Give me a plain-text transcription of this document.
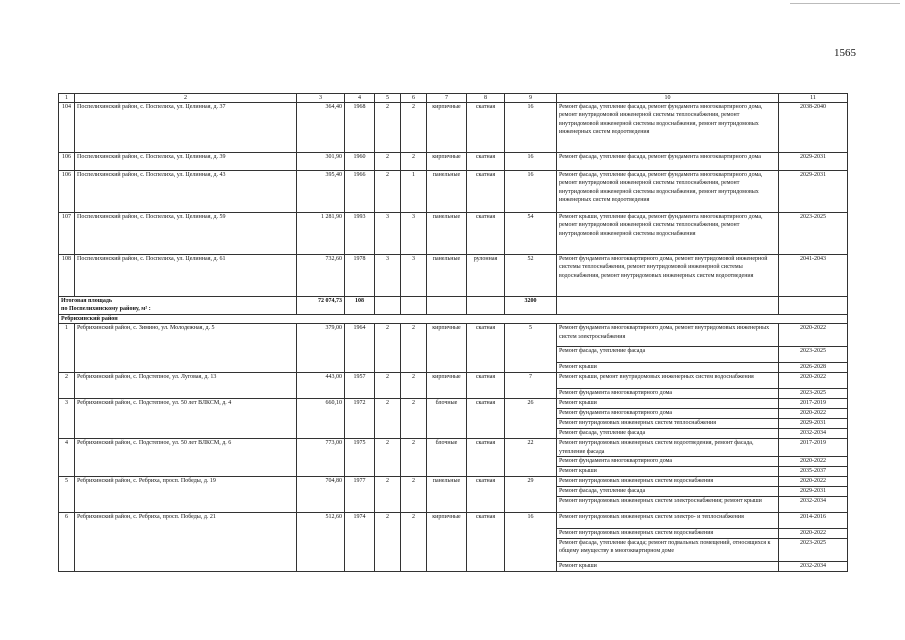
1565
1	2	3	4	5	6	7	8	9	10	11
104	Поспелихинский район, с. Поспелиха, ул. Целинная, д. 37	364,40	1968	2	2	кирпичные	скатная	16	Ремонт фасада, утепление фасада, ремонт фундамента многоквартирного дома, ремонт внутридомовой инженерной системы теплоснабжения, ремонт внутридомовой инженерной системы водоснабжения, ремонт внутридомовых инженерных систем водоотведения	2038-2040
106	Поспелихинский район, с. Поспелиха, ул. Целинная, д. 39	301,90	1960	2	2	кирпичные	скатная	16	Ремонт фасада, утепление фасада, ремонт фундамента многоквартирного дома	2029-2031
106	Поспелихинский район, с. Поспелиха, ул. Целинная, д. 43	395,40	1966	2	1	панельные	скатная	16	Ремонт фасада, утепление фасада, ремонт фундамента многоквартирного дома, ремонт внутридомовой инженерной системы теплоснабжения, ремонт внутридомовой инженерной системы водоснабжения, ремонт внутридомовых инженерных систем водоотведения	2029-2031
107	Поспелихинский район, с. Поспелиха, ул. Целинная, д. 59	1 281,90	1993	3	3	панельные	скатная	54	Ремонт крыши, утепление фасада, ремонт фундамента многоквартирного дома, ремонт внутридомовой инженерной системы теплоснабжения, ремонт внутридомовой инженерной системы водоснабжения	2023-2025
108	Поспелихинский район, с. Поспелиха, ул. Целинная, д. 61	732,60	1978	3	3	панельные	рулонная	52	Ремонт фундамента многоквартирного дома, ремонт внутридомовой инженерной системы теплоснабжения, ремонт внутридомовой инженерной системы водоснабжения, ремонт внутридомовых инженерных систем водоотведения	2041-2043

Итоговая площадь
по Поспелихинскому району, м² :		72 074,73	108					3200		
Ребрихинский район										
1	Ребрихинский район, с. Зимино, ул. Молодежная, д. 5	379,00	1964	2	2	кирпичные	скатная	5	Ремонт фундамента многоквартирного дома, ремонт внутридомовых инженерных систем электроснабжения	2020-2022
									Ремонт фасада, утепление фасада	2023-2025
									Ремонт крыши	2026-2028
2	Ребрихинский район, с. Подстепное, ул. Луговая, д. 13	443,00	1957	2	2	кирпичные	скатная	7	Ремонт крыши, ремонт внутридомовых инженерных систем водоснабжения	2020-2022
									Ремонт фундамента многоквартирного дома	2023-2025
3	Ребрихинский район, с. Подстепное, ул. 50 лет ВЛКСМ, д. 4	660,10	1972	2	2	блочные	скатная	26	Ремонт крыши	2017-2019
									Ремонт фундамента многоквартирного дома	2020-2022
									Ремонт внутридомовых инженерных систем теплоснабжения	2029-2031
									Ремонт фасада, утепление фасада	2032-2034
4	Ребрихинский район, с. Подстепное, ул. 50 лет ВЛКСМ, д. 6	773,00	1975	2	2	блочные	скатная	22	Ремонт внутридомовых инженерных систем водоотведения, ремонт фасада, утепление фасада	2017-2019
									Ремонт фундамента многоквартирного дома	2020-2022
									Ремонт крыши	2035-2037
5	Ребрихинский район, с. Ребриха, просп. Победы, д. 19	704,80	1977	2	2	панельные	скатная	29	Ремонт внутридомовых инженерных систем водоснабжения	2020-2022
									Ремонт фасада, утепление фасада	2029-2031
									Ремонт внутридомовых инженерных систем электроснабжения; ремонт крыши	2032-2034
6	Ребрихинский район, с. Ребриха, просп. Победы, д. 21	512,60	1974	2	2	кирпичные	скатная	16	Ремонт внутридомовых инженерных систем электро- и теплоснабжения	2014-2016
									Ремонт внутридомовых инженерных систем водоснабжения	2020-2022
									Ремонт фасада, утепление фасада; ремонт подвальных помещений, относящихся к общему имуществу в многоквартирном доме	2023-2025
									Ремонт крыши	2032-2034
